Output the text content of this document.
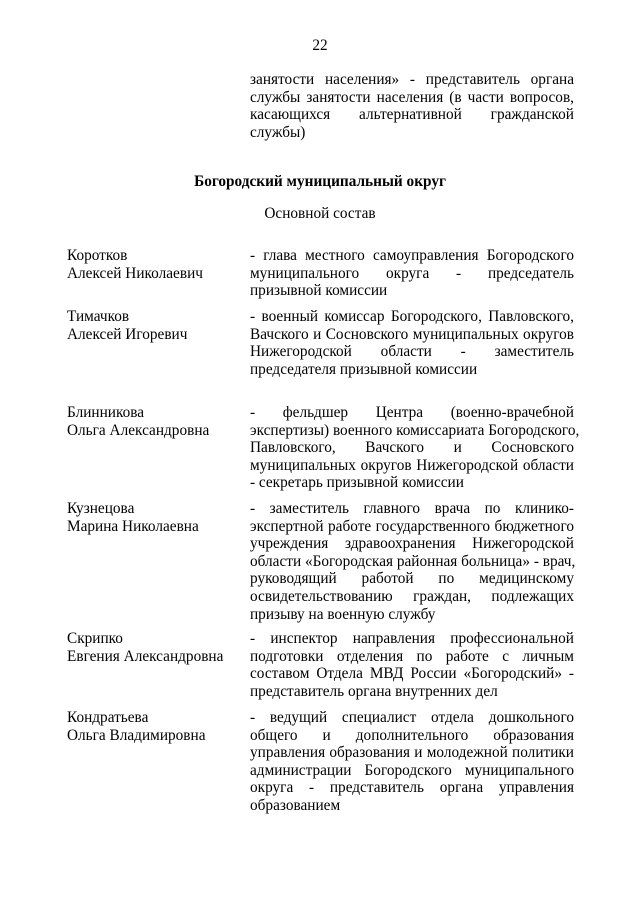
22
занятости населения» - представитель органа
службы занятости населения (в части вопросов,
касающихся альтернативной гражданской
службы)
Богородский муниципальный округ
Основной состав
Коротков
Алексей Николаевич
- глава местного самоуправления Богородского
муниципального округа - председатель
призывной комиссии
Тимачков
Алексей Игоревич
- военный комиссар Богородского, Павловского,
Вачского и Сосновского муниципальных округов
Нижегородской области - заместитель
председателя призывной комиссии
Блинникова
Ольга Александровна
- фельдшер Центра (военно-врачебной
экспертизы) военного комиссариата Богородского,
Павловского, Вачского и Сосновского
муниципальных округов Нижегородской области
- секретарь призывной комиссии
Кузнецова
Марина Николаевна
- заместитель главного врача по клинико-
экспертной работе государственного бюджетного
учреждения здравоохранения Нижегородской
области «Богородская районная больница» - врач,
руководящий работой по медицинскому
освидетельствованию граждан, подлежащих
призыву на военную службу
Скрипко
Евгения Александровна
- инспектор направления профессиональной
подготовки отделения по работе с личным
составом Отдела МВД России «Богородский» -
представитель органа внутренних дел
Кондратьева
Ольга Владимировна
- ведущий специалист отдела дошкольного
общего и дополнительного образования
управления образования и молодежной политики
администрации Богородского муниципального
округа - представитель органа управления
образованием
